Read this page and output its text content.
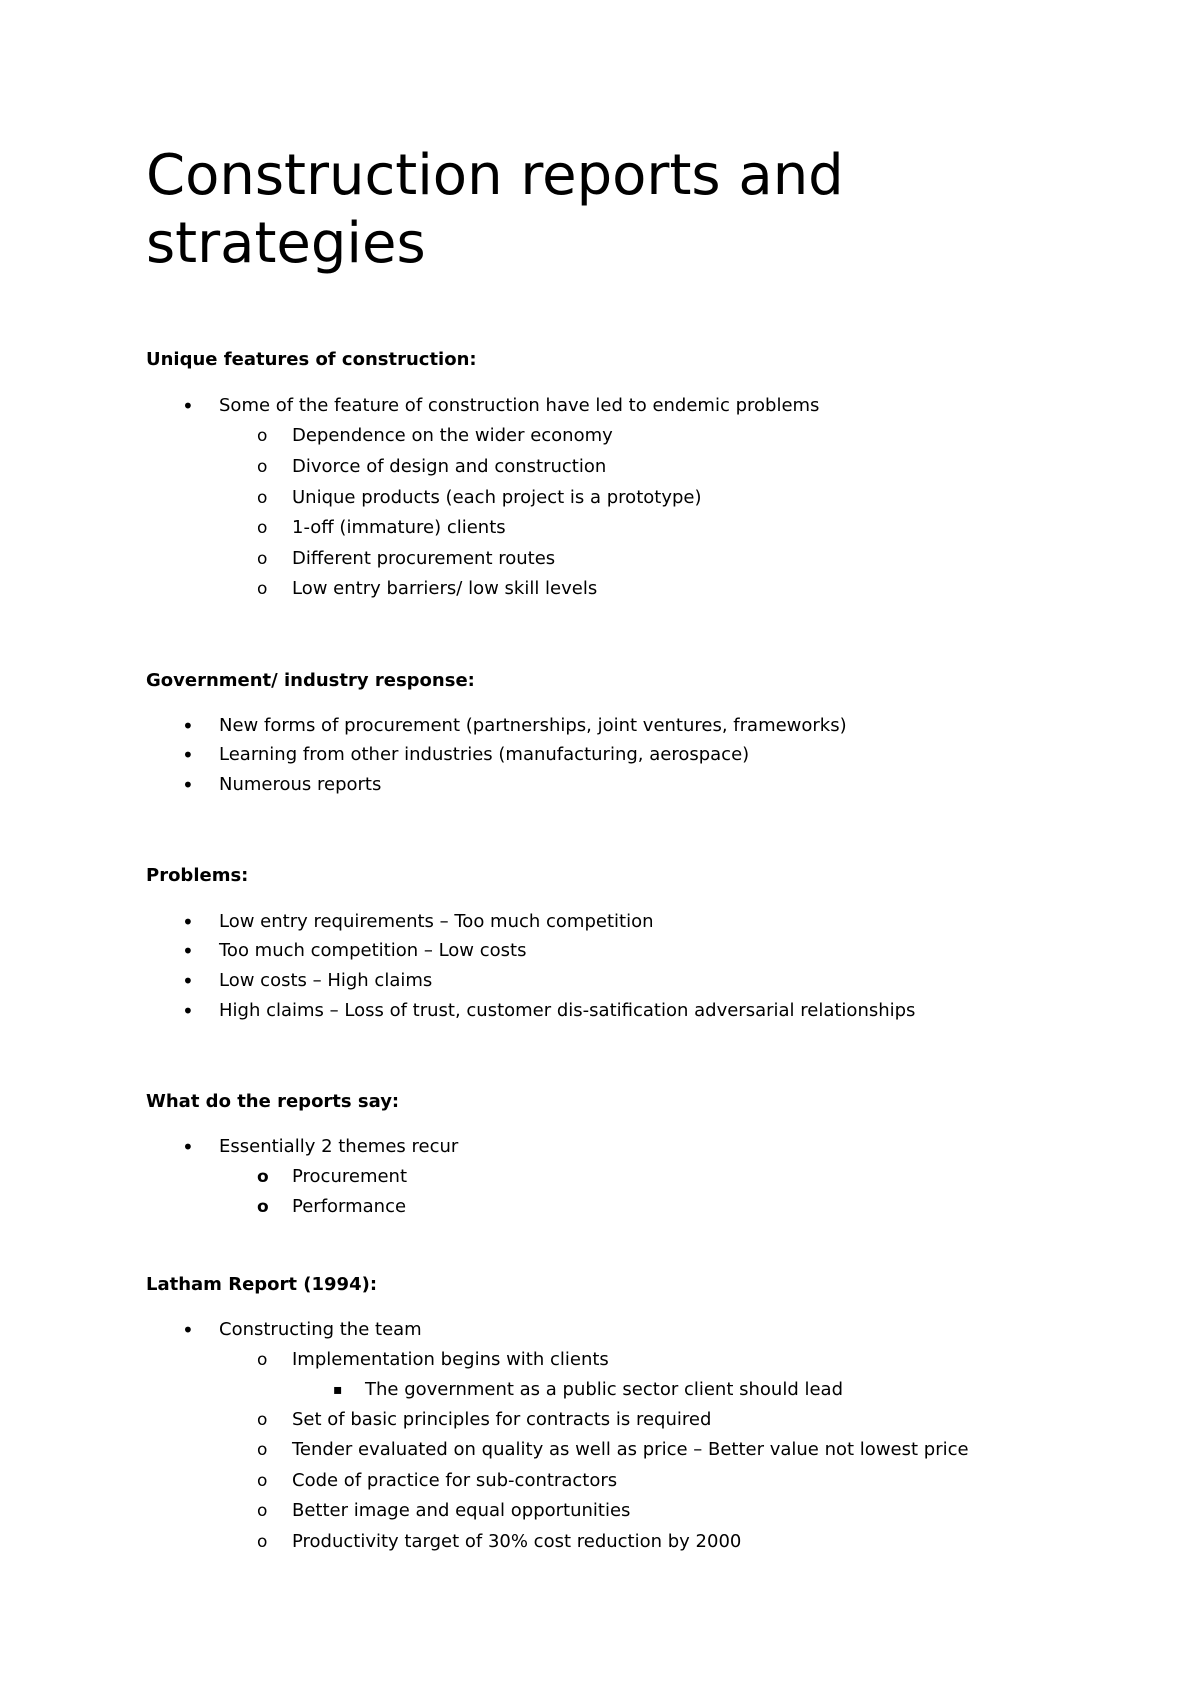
Construction reports and strategies
Unique features of construction:
• Some of the feature of construction have led to endemic problems
o Dependence on the wider economy
o Divorce of design and construction
o Unique products (each project is a prototype)
o 1-off (immature) clients
o Different procurement routes
o Low entry barriers/ low skill levels
Government/ industry response:
• New forms of procurement (partnerships, joint ventures, frameworks)
• Learning from other industries (manufacturing, aerospace)
• Numerous reports
Problems:
• Low entry requirements – Too much competition
• Too much competition – Low costs
• Low costs – High claims
• High claims – Loss of trust, customer dis-satification adversarial relationships
What do the reports say:
• Essentially 2 themes recur
o Procurement
o Performance
Latham Report (1994):
• Constructing the team
o Implementation begins with clients
▪ The government as a public sector client should lead
o Set of basic principles for contracts is required
o Tender evaluated on quality as well as price – Better value not lowest price
o Code of practice for sub-contractors
o Better image and equal opportunities
o Productivity target of 30% cost reduction by 2000
